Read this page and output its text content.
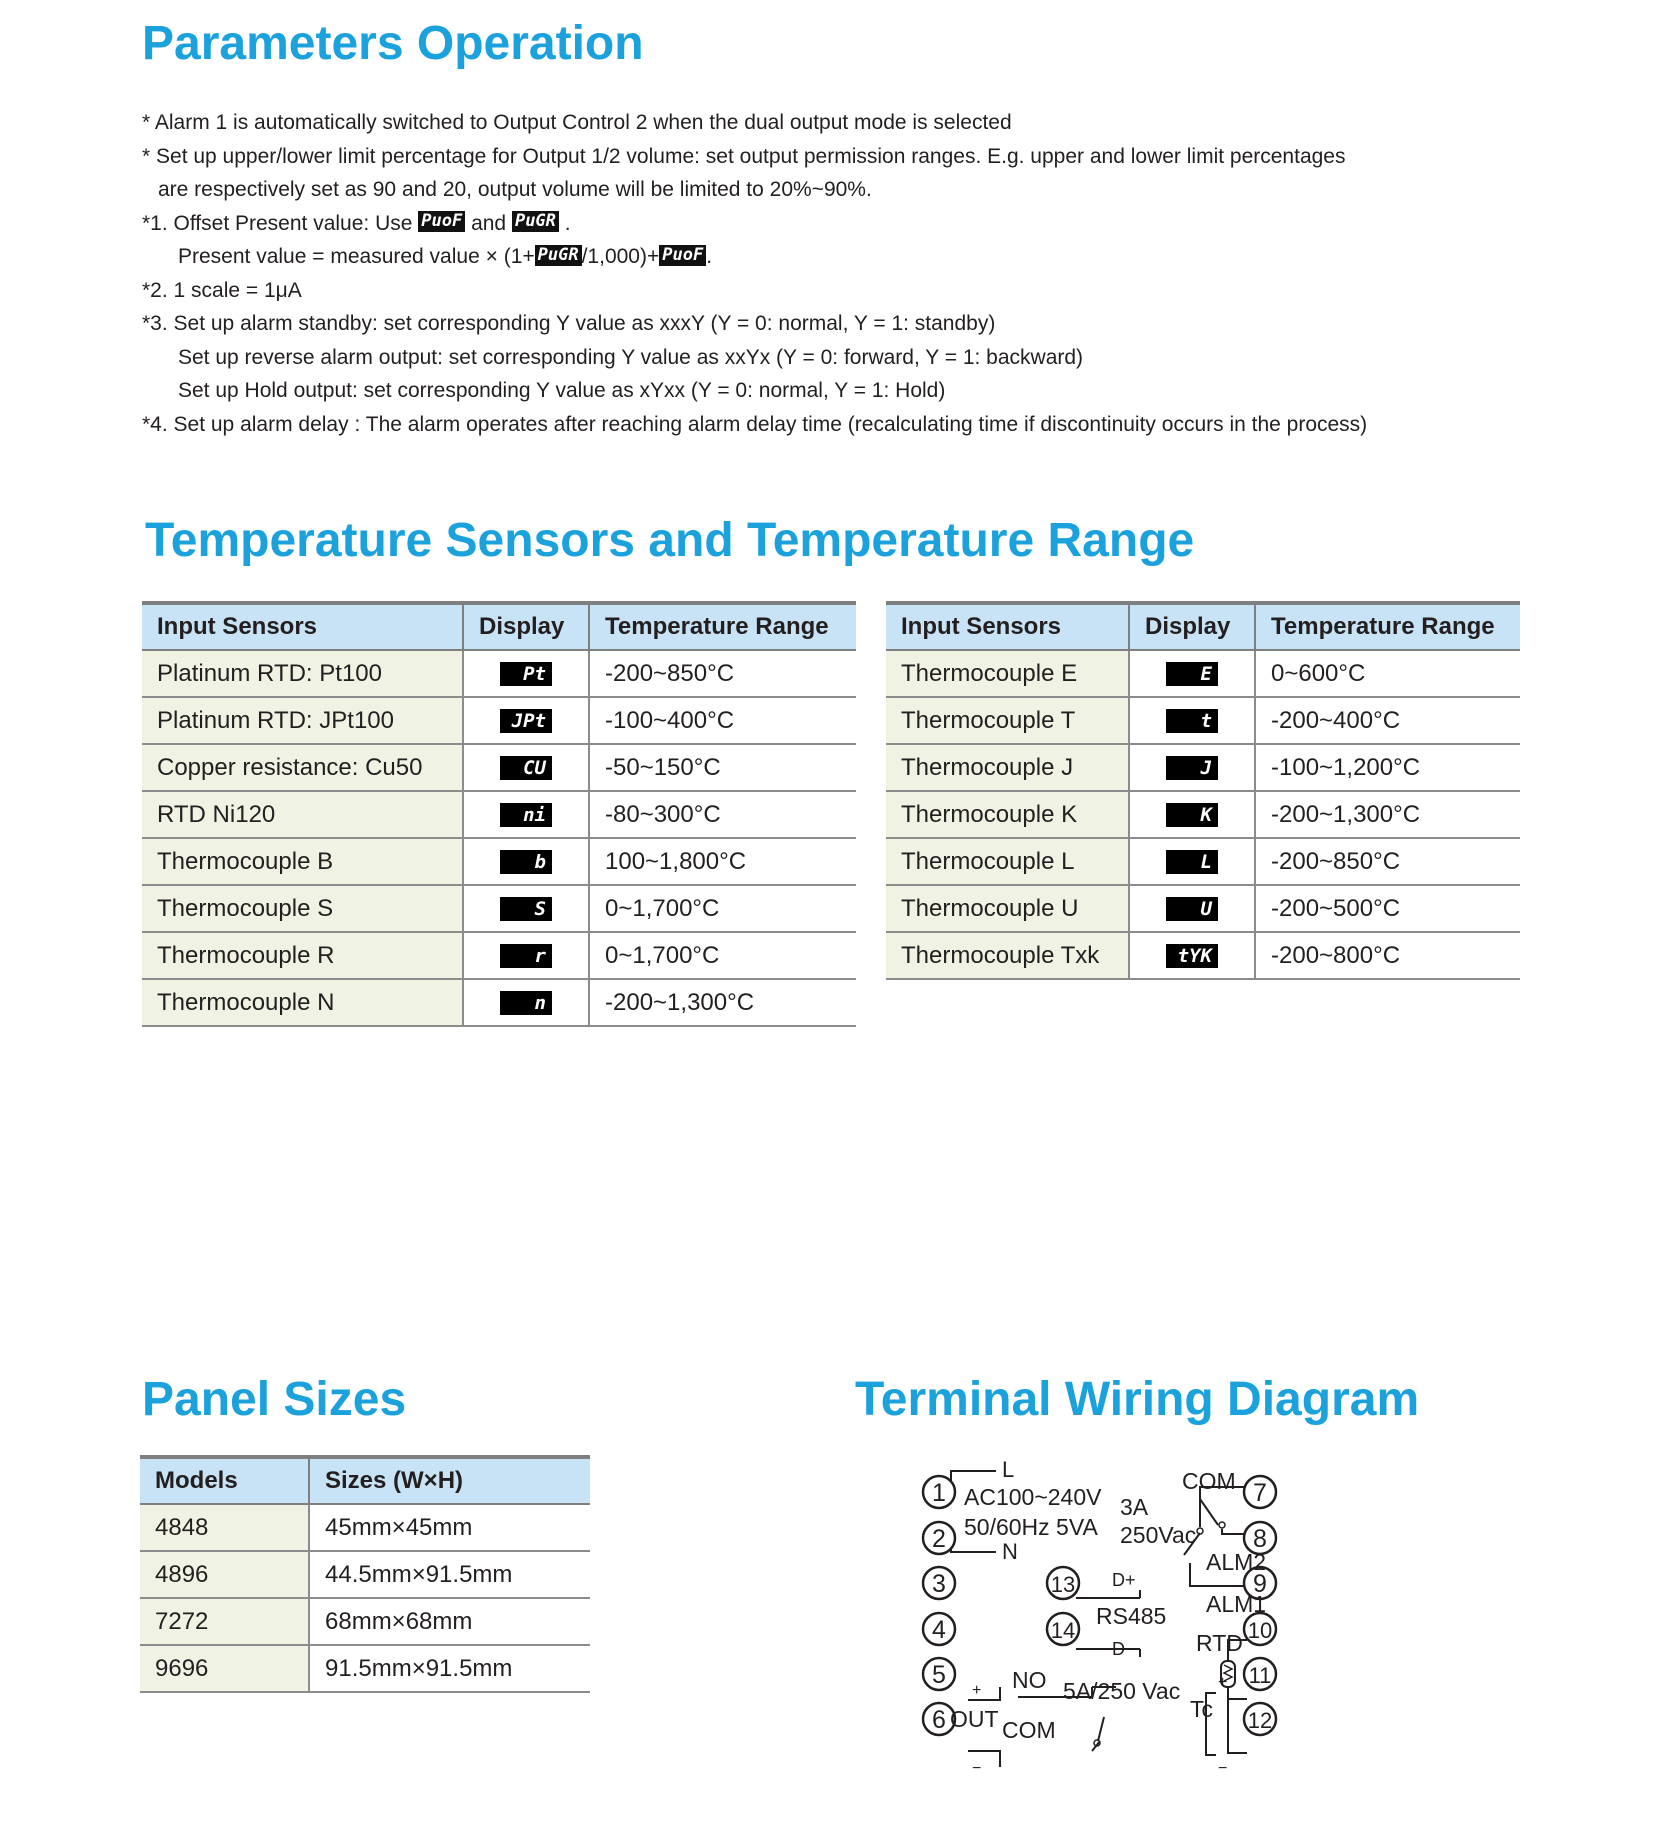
Parameters Operation
* Alarm 1 is automatically switched to Output Control 2 when the dual output mode is selected
* Set up upper/lower limit percentage for Output 1/2 volume: set output permission ranges. E.g. upper and lower limit percentages
are respectively set as 90 and 20, output volume will be limited to 20%~90%.
*1. Offset Present value: Use PuoF and PuGR .
Present value = measured value × (1+ PuGR /1,000)+ PuoF .
*2. 1 scale = 1μA
*3. Set up alarm standby: set corresponding Y value as xxxY (Y = 0: normal, Y = 1: standby)
Set up reverse alarm output: set corresponding Y value as xxYx (Y = 0: forward, Y = 1: backward)
Set up Hold output: set corresponding Y value as xYxx (Y = 0: normal, Y = 1: Hold)
*4. Set up alarm delay : The alarm operates after reaching alarm delay time (recalculating time if discontinuity occurs in the process)
Temperature Sensors and Temperature Range
Input Sensors	Display	Temperature Range
Platinum RTD: Pt100	Pt	-200~850°C
Platinum RTD: JPt100	JPt	-100~400°C
Copper resistance: Cu50	CU	-50~150°C
RTD Ni120	ni	-80~300°C
Thermocouple B	b	100~1,800°C
Thermocouple S	S	0~1,700°C
Thermocouple R	r	0~1,700°C
Thermocouple N	n	-200~1,300°C
Input Sensors	Display	Temperature Range
Thermocouple E	E	0~600°C
Thermocouple T	t	-200~400°C
Thermocouple J	J	-100~1,200°C
Thermocouple K	K	-200~1,300°C
Thermocouple L	L	-200~850°C
Thermocouple U	U	-200~500°C
Thermocouple Txk	tYK	-200~800°C
Panel Sizes
Models	Sizes (W×H)
4848	45mm×45mm
4896	44.5mm×91.5mm
7272	68mm×68mm
9696	91.5mm×91.5mm
Terminal Wiring Diagram
1
2
3
4
5
6
7
8
9
10
11
12
13
14
L
N
AC100~240V
50/60Hz 5VA
3A
250Vac
COM
ALM2
ALM1
D+
RS485
D−	RTD
Tc
+
−
+
−
OUT
NO
COM
5A/250 Vac
